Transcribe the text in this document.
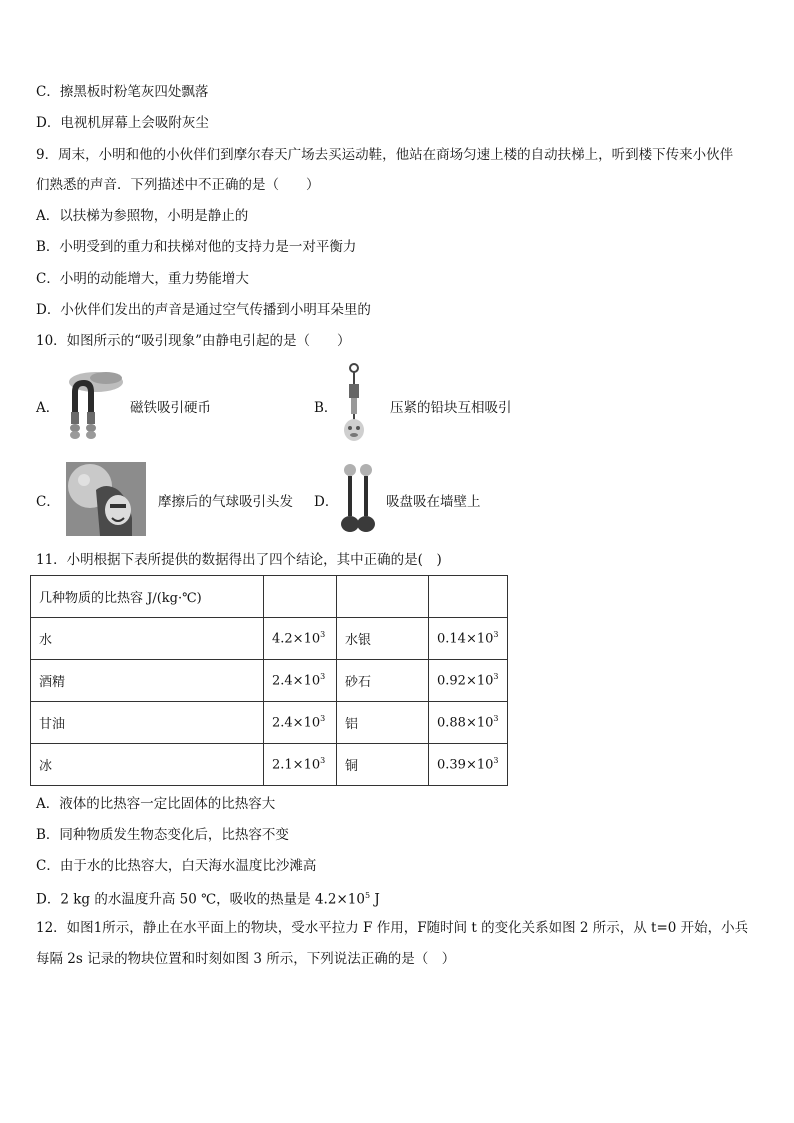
C．擦黑板时粉笔灰四处飘落
D．电视机屏幕上会吸附灰尘
9．周末，小明和他的小伙伴们到摩尔春天广场去买运动鞋，他站在商场匀速上楼的自动扶梯上，听到楼下传来小伙伴
们熟悉的声音．下列描述中不正确的是（　　）
A．以扶梯为参照物，小明是静止的
B．小明受到的重力和扶梯对他的支持力是一对平衡力
C．小明的动能增大，重力势能增大
D．小伙伴们发出的声音是通过空气传播到小明耳朵里的
10．如图所示的“吸引现象”由静电引起的是（　　）
A．	磁铁吸引硬币	B．	压紧的铅块互相吸引
C．	摩擦后的气球吸引头发 D．	吸盘吸在墙壁上
11．小明根据下表所提供的数据得出了四个结论，其中正确的是(　)
几种物质的比热容 J/(kg·℃)			
水	$4.2\times 10^3$	水银	$0.14\times 10^3$
酒精	$2.4\times 10^3$	砂石	$0.92\times 10^3$
甘油	$2.4\times 10^3$	铝	$0.88\times 10^3$
冰	$2.1\times 10^3$	铜	$0.39\times 10^3$
A．液体的比热容一定比固体的比热容大
B．同种物质发生物态变化后，比热容不变
C．由于水的比热容大，白天海水温度比沙滩高
D．2 kg 的水温度升高 50 ℃，吸收的热量是 $4.2\times 10^5$ J
12．如图1所示，静止在水平面上的物块，受水平拉力 F 作用，F随时间 t 的变化关系如图 2 所示，从 t=0 开始，小兵
每隔 2s 记录的物块位置和时刻如图 3 所示，下列说法正确的是（　）
